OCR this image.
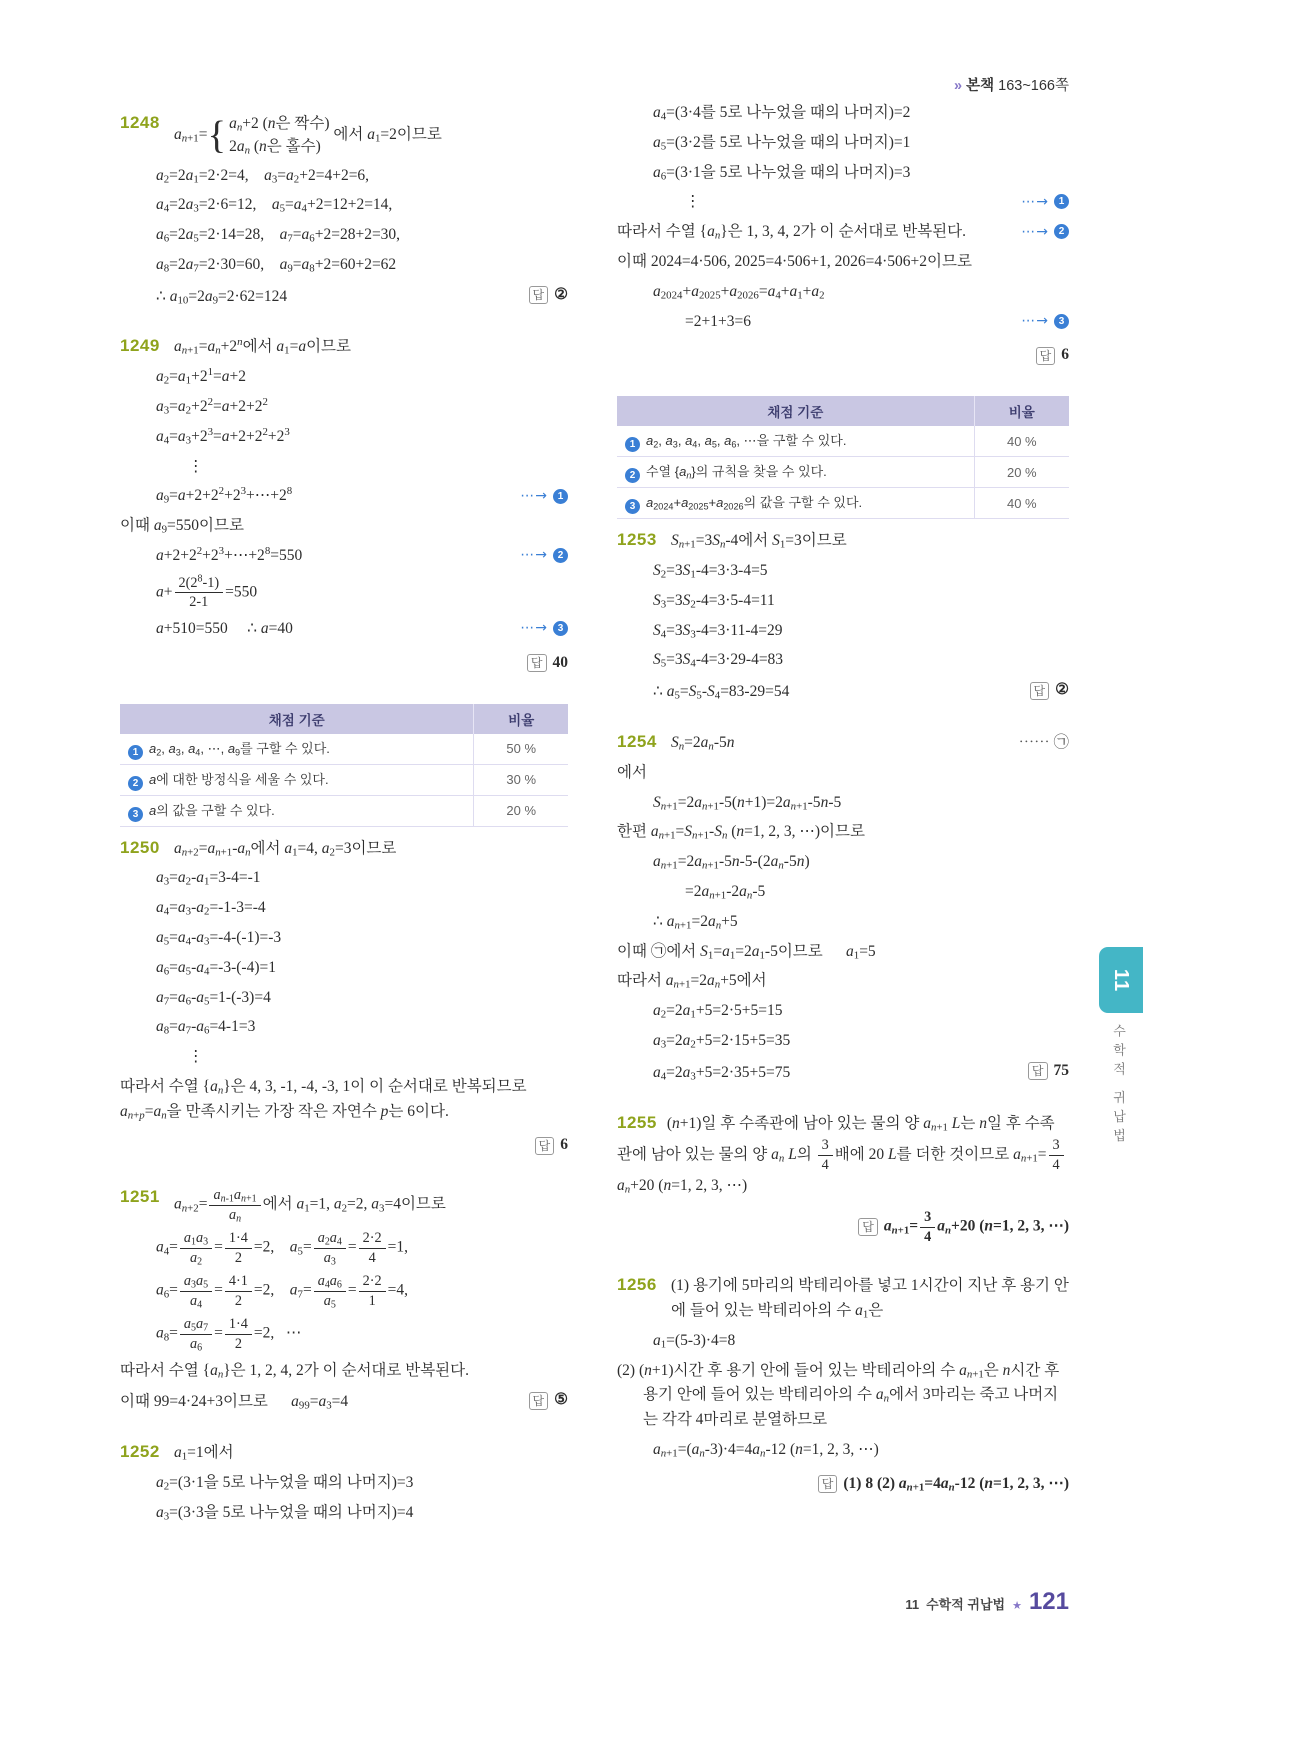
» 본책 163~166쪽
1248
$a_{n+1}=$ { $a_n+2$ (n은 짝수)
$2a_n$ (n은 홀수)
에서 $a_1=2$이므로
$a_2=2a_1=2\cdot 2=4$,    $a_3=a_2+2=4+2=6$,
$a_4=2a_3=2\cdot 6=12$,    $a_5=a_4+2=12+2=14$,
$a_6=2a_5=2\cdot 14=28$,    $a_7=a_6+2=28+2=30$,
$a_8=2a_7=2\cdot 30=60$,    $a_9=a_8+2=60+2=62$
∴ $a_{10}=2a_9=2\cdot 62=124$	답 ②
1249 $a_{n+1}=a_n+2^n$에서 $a_1=a$이므로
$a_2=a_1+2^1=a+2$
$a_3=a_2+2^2=a+2+2^2$
$a_4=a_3+2^3=a+2+2^2+2^3$
⋮
$a_9=a+2+2^2+2^3+\cdots+2^8$	⋯→ 1
이때 $a_9=550$이므로
$a+2+2^2+2^3+\cdots+2^8=550$	⋯→ 2
$a+ \frac{2(2^8-1)}{2-1} =550$
a+510=550     ∴ a=40	⋯→ 3
답 40
채점 기준	비율
1 $a_2$, $a_3$, $a_4$, ⋯, $a_9$를 구할 수 있다.	50 %
2 a에 대한 방정식을 세울 수 있다.	30 %
3 a의 값을 구할 수 있다.	20 %
1250 $a_{n+2}=a_{n+1}-a_n$에서 $a_1=4$, $a_2=3$이므로
$a_3=a_2-a_1=3-4=-1$
$a_4=a_3-a_2=-1-3=-4$
$a_5=a_4-a_3=-4-(-1)=-3$
$a_6=a_5-a_4=-3-(-4)=1$
$a_7=a_6-a_5=1-(-3)=4$
$a_8=a_7-a_6=4-1=3$
⋮
따라서 수열 $\{a_n\}$은 4, 3, -1, -4, -3, 1이 이 순서대로 반복되므로 $a_{n+p}=a_n$을 만족시키는 가장 작은 자연수 p는 6이다.
답 6
1251 $a_{n+2}= \frac{a_{n-1}a_{n+1}}{a_n}$ 에서 $a_1=1$, $a_2=2$, $a_3=4$이므로
$a_4= \frac{a_1a_3}{a_2} = \frac{1\cdot 4}{2} =2$,    $a_5= \frac{a_2a_4}{a_3} = \frac{2\cdot 2}{4} =1$,
$a_6= \frac{a_3a_5}{a_4} = \frac{4\cdot 1}{2} =2$,    $a_7= \frac{a_4a_6}{a_5} = \frac{2\cdot 2}{1} =4$,
$a_8= \frac{a_5a_7}{a_6} = \frac{1\cdot 4}{2} =2$,   ⋯
따라서 수열 $\{a_n\}$은 1, 2, 4, 2가 이 순서대로 반복된다.
이때 99=4·24+3이므로      $a_{99}=a_3=4$	답 ⑤
1252 $a_1=1$에서
$a_2=(3\cdot 1$을 5로 나누었을 때의 나머지)=3
$a_3=(3\cdot 3$을 5로 나누었을 때의 나머지)=4
$a_4=(3\cdot 4$를 5로 나누었을 때의 나머지)=2
$a_5=(3\cdot 2$를 5로 나누었을 때의 나머지)=1
$a_6=(3\cdot 1$을 5로 나누었을 때의 나머지)=3
⋮	⋯→ 1
따라서 수열 $\{a_n\}$은 1, 3, 4, 2가 이 순서대로 반복된다.	⋯→ 2
이때 2024=4·506, 2025=4·506+1, 2026=4·506+2이므로
$a_{2024}+a_{2025}+a_{2026}=a_4+a_1+a_2$
=2+1+3=6	⋯→ 3
답 6
채점 기준	비율
1 $a_2$, $a_3$, $a_4$, $a_5$, $a_6$, ⋯을 구할 수 있다.	40 %
2 수열 $\{a_n\}$의 규칙을 찾을 수 있다.	20 %
3 $a_{2024}+a_{2025}+a_{2026}$의 값을 구할 수 있다.	40 %
1253 $S_{n+1}=3S_n-4$에서 $S_1=3$이므로
$S_2=3S_1-4=3\cdot 3-4=5$
$S_3=3S_2-4=3\cdot 5-4=11$
$S_4=3S_3-4=3\cdot 11-4=29$
$S_5=3S_4-4=3\cdot 29-4=83$
∴ $a_5=S_5-S_4=83-29=54$	답 ②
1254 $S_n=2a_n-5n$	⋯⋯ ㉠
에서
$S_{n+1}=2a_{n+1}-5(n+1)=2a_{n+1}-5n-5$
한편 $a_{n+1}=S_{n+1}-S_n$ (n=1, 2, 3, ⋯)이므로
$a_{n+1}=2a_{n+1}-5n-5-(2a_n-5n)$
$=2a_{n+1}-2a_n-5$
∴ $a_{n+1}=2a_n+5$
이때 ㉠에서 $S_1=a_1=2a_1-5$이므로      $a_1=5$
따라서 $a_{n+1}=2a_n+5$에서
$a_2=2a_1+5=2\cdot 5+5=15$
$a_3=2a_2+5=2\cdot 15+5=35$
$a_4=2a_3+5=2\cdot 35+5=75$	답 75
1255 (n+1)일 후 수족관에 남아 있는 물의 양 $a_{n+1}$ L는 n일 후 수족관에 남아 있는 물의 양 $a_n$ L의 $\frac{3}{4}$ 배에 20 L를 더한 것이므로 $a_{n+1}= \frac{3}{4}$
$a_n+20$ (n=1, 2, 3, ⋯)
답 $a_{n+1}= \frac{3}{4} a_n+20$ (n=1, 2, 3, ⋯)
1256 (1) 용기에 5마리의 박테리아를 넣고 1시간이 지난 후 용기 안에 들어 있는 박테리아의 수 $a_1$은
$a_1=(5-3)\cdot 4=8$
(2) (n+1)시간 후 용기 안에 들어 있는 박테리아의 수 $a_{n+1}$은 n시간 후 용기 안에 들어 있는 박테리아의 수 $a_n$에서 3마리는 죽고 나머지는 각각 4마리로 분열하므로
$a_{n+1}=(a_n-3)\cdot 4=4a_n-12$ (n=1, 2, 3, ⋯)
답 (1) 8 (2) $a_{n+1}=4a_n-12$ (n=1, 2, 3, ⋯)
11
수학적 귀납법
11 수학적 귀납법 ★ 121
